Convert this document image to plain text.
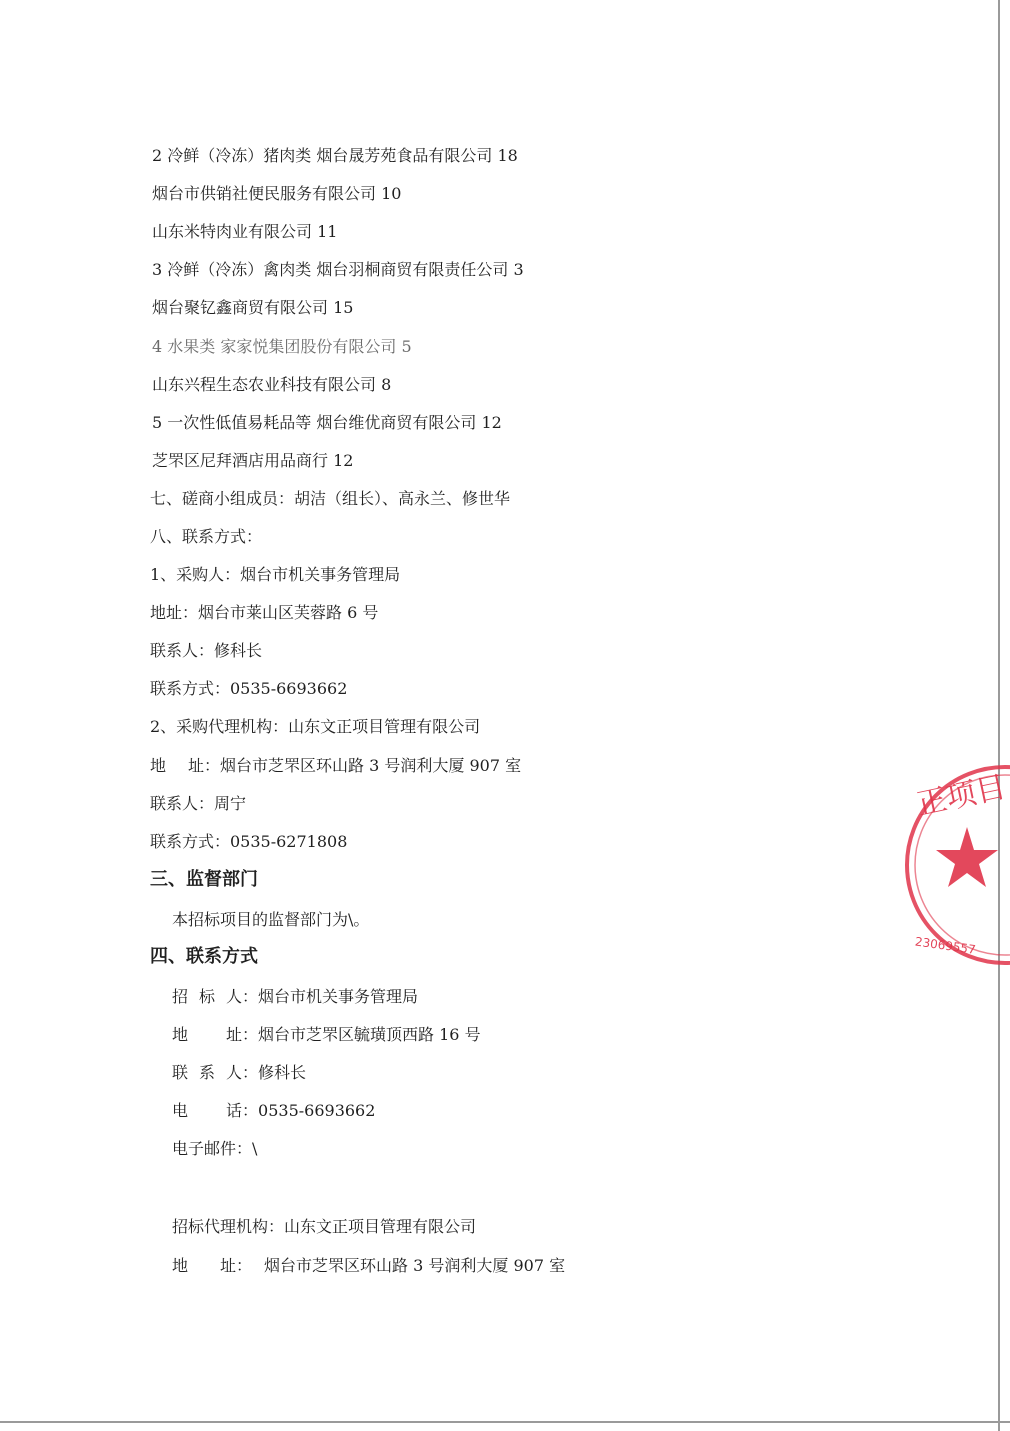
2 冷鲜（冷冻）猪肉类 烟台晟芳苑食品有限公司 18
烟台市供销社便民服务有限公司 10
山东米特肉业有限公司 11
3 冷鲜（冷冻）禽肉类 烟台羽桐商贸有限责任公司 3
烟台聚钇鑫商贸有限公司 15
4 水果类 家家悦集团股份有限公司 5
山东兴程生态农业科技有限公司 8
5 一次性低值易耗品等 烟台维优商贸有限公司 12
芝罘区尼拜酒店用品商行 12
七、磋商小组成员：胡洁（组长）、高永兰、修世华
八、联系方式：
1、采购人：烟台市机关事务管理局
地址：烟台市莱山区芙蓉路 6 号
联系人：修科长
联系方式：0535-6693662
2、采购代理机构：山东文正项目管理有限公司
地 址：烟台市芝罘区环山路 3 号润利大厦 907 室
联系人：周宁
联系方式：0535-6271808
三、监督部门
本招标项目的监督部门为\。
四、联系方式
招 标 人：烟台市机关事务管理局
地 址：烟台市芝罘区毓璜顶西路 16 号
联 系 人：修科长
电 话：0535-6693662
电子邮件：\
招标代理机构：山东文正项目管理有限公司
地 址： 烟台市芝罘区环山路 3 号润利大厦 907 室
正项目
23069557
